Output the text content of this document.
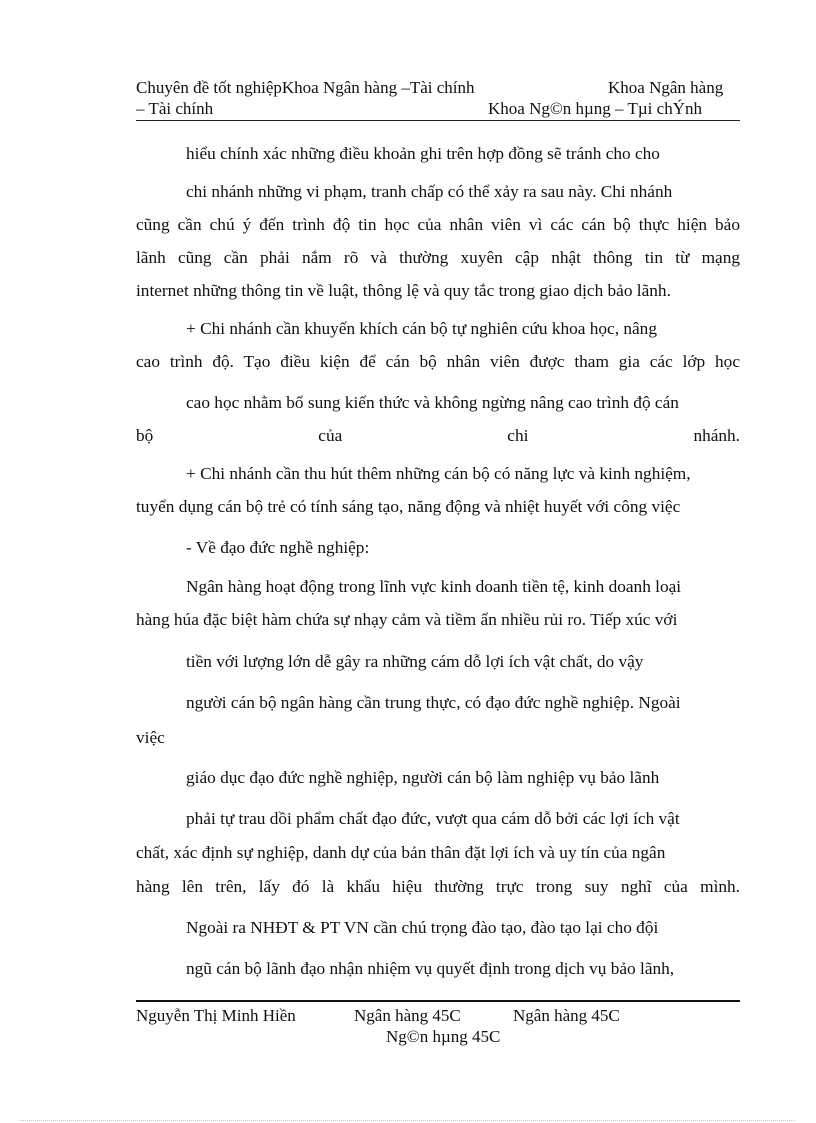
Chuyên đề tốt nghiệpKhoa Ngân hàng –Tài chính	Khoa Ngân hàng
– Tài chính	Khoa Ng©n hµng – Tµi chÝnh
hiểu chính xác những điều khoản ghi trên hợp đồng sẽ tránh cho cho
chi nhánh những vi phạm, tranh chấp có thể xảy ra sau này. Chi nhánh
cũng cần chú ý đến trình độ tin học của nhân viên vì các cán bộ thực hiện bảo
lãnh cũng cần phải nắm rõ và thường xuyên cập nhật thông tin từ mạng
internet những thông tin về luật, thông lệ và quy tắc trong giao dịch bảo lãnh.
+ Chi nhánh cần khuyến khích cán bộ tự nghiên cứu khoa học, nâng
cao trình độ. Tạo điều kiện để cán bộ nhân viên được tham gia các lớp học
cao học nhằm bổ sung kiến thức và không ngừng nâng cao trình độ cán
bộ	của	chi	nhánh.
+ Chi nhánh cần thu hút thêm những cán bộ có năng lực và kinh nghiệm,
tuyển dụng cán bộ trẻ có tính sáng tạo, năng động và nhiệt huyết với công việc
- Về đạo đức nghề nghiệp:
Ngân hàng hoạt động trong lĩnh vực kinh doanh tiền tệ, kinh doanh loại
hàng húa đặc biệt hàm chứa sự nhạy cảm và tiềm ẩn nhiều rủi ro. Tiếp xúc với
tiền với lượng lớn dễ gây ra những cám dỗ lợi ích vật chất, do vậy
người cán bộ ngân hàng cần trung thực, có đạo đức nghề nghiệp. Ngoài
việc
giáo dục đạo đức nghề nghiệp, người cán bộ làm nghiệp vụ bảo lãnh
phải tự trau dồi phẩm chất đạo đức, vượt qua cám dỗ bởi các lợi ích vật
chất, xác định sự nghiệp, danh dự của bản thân đặt lợi ích và uy tín của ngân
hàng lên trên, lấy đó là khẩu hiệu thường trực trong suy nghĩ của mình.
Ngoài ra NHĐT & PT VN cần chú trọng đào tạo, đào tạo lại cho đội
ngũ cán bộ lãnh đạo nhận nhiệm vụ quyết định trong dịch vụ bảo lãnh,
Nguyễn Thị Minh Hiền	Ngân hàng 45C	Ngân hàng 45C
Ng©n hµng 45C
